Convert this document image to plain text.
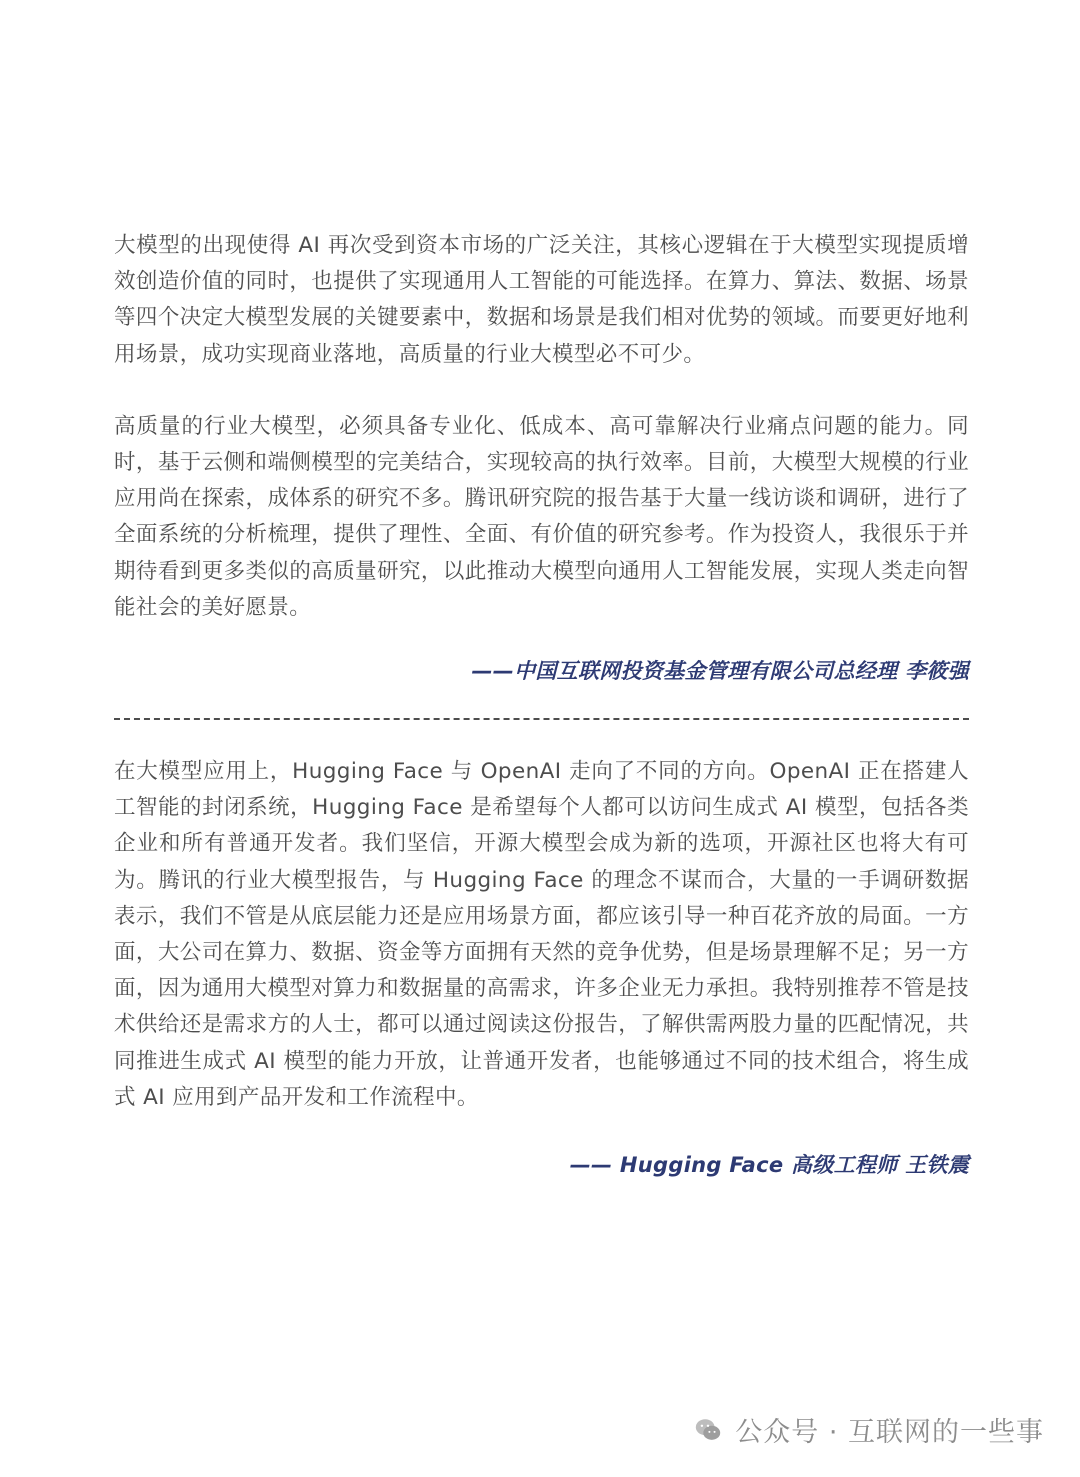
大模型的出现使得 AI 再次受到资本市场的广泛关注，其核心逻辑在于大模型实现提质增效创造价值的同时，也提供了实现通用人工智能的可能选择。在算力、算法、数据、场景等四个决定大模型发展的关键要素中，数据和场景是我们相对优势的领域。而要更好地利用场景，成功实现商业落地，高质量的行业大模型必不可少。

高质量的行业大模型，必须具备专业化、低成本、高可靠解决行业痛点问题的能力。同时，基于云侧和端侧模型的完美结合，实现较高的执行效率。目前，大模型大规模的行业应用尚在探索，成体系的研究不多。腾讯研究院的报告基于大量一线访谈和调研，进行了全面系统的分析梳理，提供了理性、全面、有价值的研究参考。作为投资人，我很乐于并期待看到更多类似的高质量研究，以此推动大模型向通用人工智能发展，实现人类走向智能社会的美好愿景。

——中国互联网投资基金管理有限公司总经理 李筱强

在大模型应用上，Hugging Face 与 OpenAI 走向了不同的方向。OpenAI 正在搭建人工智能的封闭系统，Hugging Face 是希望每个人都可以访问生成式 AI 模型，包括各类企业和所有普通开发者。我们坚信，开源大模型会成为新的选项，开源社区也将大有可为。腾讯的行业大模型报告，与 Hugging Face 的理念不谋而合，大量的一手调研数据表示，我们不管是从底层能力还是应用场景方面，都应该引导一种百花齐放的局面。一方面，大公司在算力、数据、资金等方面拥有天然的竞争优势，但是场景理解不足；另一方面，因为通用大模型对算力和数据量的高需求，许多企业无力承担。我特别推荐不管是技术供给还是需求方的人士，都可以通过阅读这份报告，了解供需两股力量的匹配情况，共同推进生成式 AI 模型的能力开放，让普通开发者，也能够通过不同的技术组合，将生成式 AI 应用到产品开发和工作流程中。

—— Hugging Face 高级工程师 王铁震
公众号 · 互联网的一些事
